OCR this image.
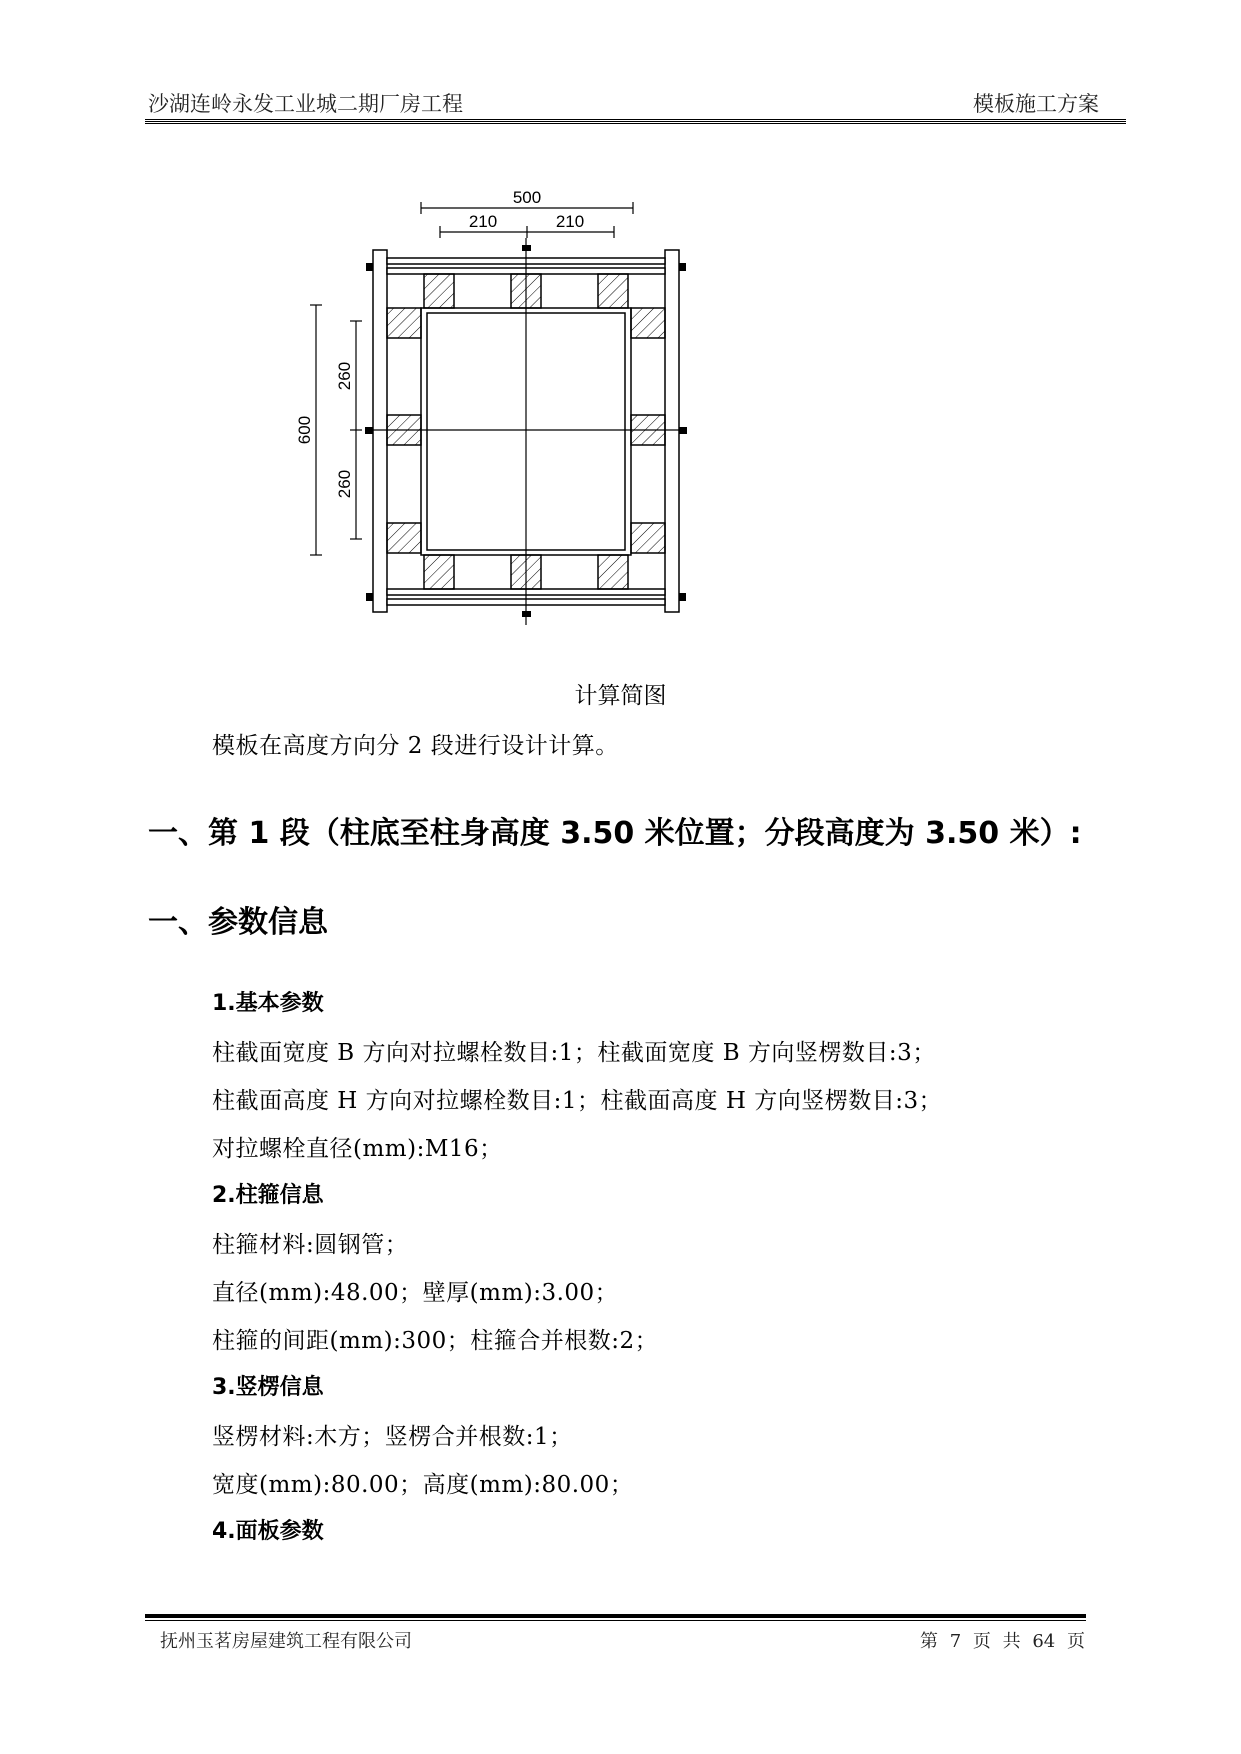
沙湖连岭永发工业城二期厂房工程	模板施工方案
500
210	210
600
260
260
计算简图
模板在高度方向分 2 段进行设计计算。
一、第 1 段（柱底至柱身高度 3.50 米位置；分段高度为 3.50 米）:
一、参数信息
1.基本参数
柱截面宽度 B 方向对拉螺栓数目:1；柱截面宽度 B 方向竖楞数目:3；
柱截面高度 H 方向对拉螺栓数目:1；柱截面高度 H 方向竖楞数目:3；
对拉螺栓直径(mm):M16；
2.柱箍信息
柱箍材料:圆钢管；
直径(mm):48.00；壁厚(mm):3.00；
柱箍的间距(mm):300；柱箍合并根数:2；
3.竖楞信息
竖楞材料:木方；竖楞合并根数:1；
宽度(mm):80.00；高度(mm):80.00；
4.面板参数
抚州玉茗房屋建筑工程有限公司	第 7 页 共 64 页
